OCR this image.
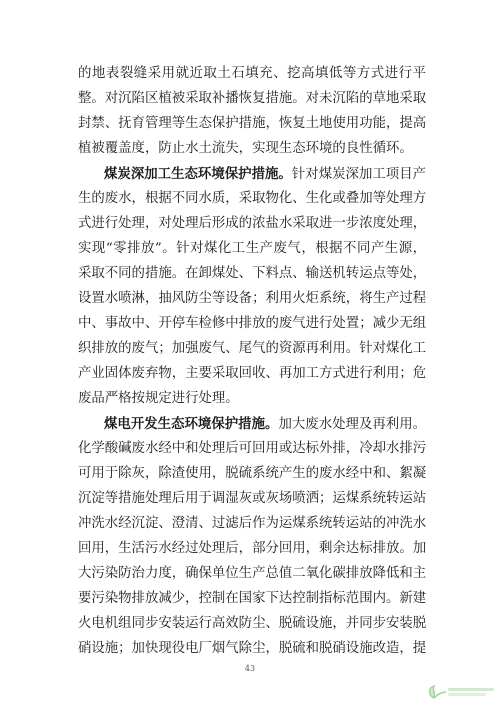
的地表裂缝采用就近取土石填充、挖高填低等方式进行平
整。对沉陷区植被采取补播恢复措施。对未沉陷的草地采取
封禁、抚育管理等生态保护措施，恢复土地使用功能，提高
植被覆盖度，防止水土流失，实现生态环境的良性循环。
煤炭深加工生态环境保护措施。针对煤炭深加工项目产
生的废水，根据不同水质，采取物化、生化或叠加等处理方
式进行处理，对处理后形成的浓盐水采取进一步浓度处理，
实现“零排放”。针对煤化工生产废气，根据不同产生源，
采取不同的措施。在卸煤处、下料点、输送机转运点等处，
设置水喷淋，抽风防尘等设备；利用火炬系统，将生产过程
中、事故中、开停车检修中排放的废气进行处置；减少无组
织排放的废气；加强废气、尾气的资源再利用。针对煤化工
产业固体废弃物，主要采取回收、再加工方式进行利用；危
废品严格按规定进行处理。
煤电开发生态环境保护措施。加大废水处理及再利用。
化学酸碱废水经中和处理后可回用或达标外排，冷却水排污
可用于除灰，除渣使用，脱硫系统产生的废水经中和、絮凝
沉淀等措施处理后用于调湿灰或灰场喷洒；运煤系统转运站
冲洗水经沉淀、澄清、过滤后作为运煤系统转运站的冲洗水
回用，生活污水经过处理后，部分回用，剩余达标排放。加
大污染防治力度，确保单位生产总值二氧化碳排放降低和主
要污染物排放减少，控制在国家下达控制指标范围内。新建
火电机组同步安装运行高效防尘、脱硫设施，并同步安装脱
硝设施；加快现役电厂烟气除尘，脱硫和脱硝设施改造，提
43
